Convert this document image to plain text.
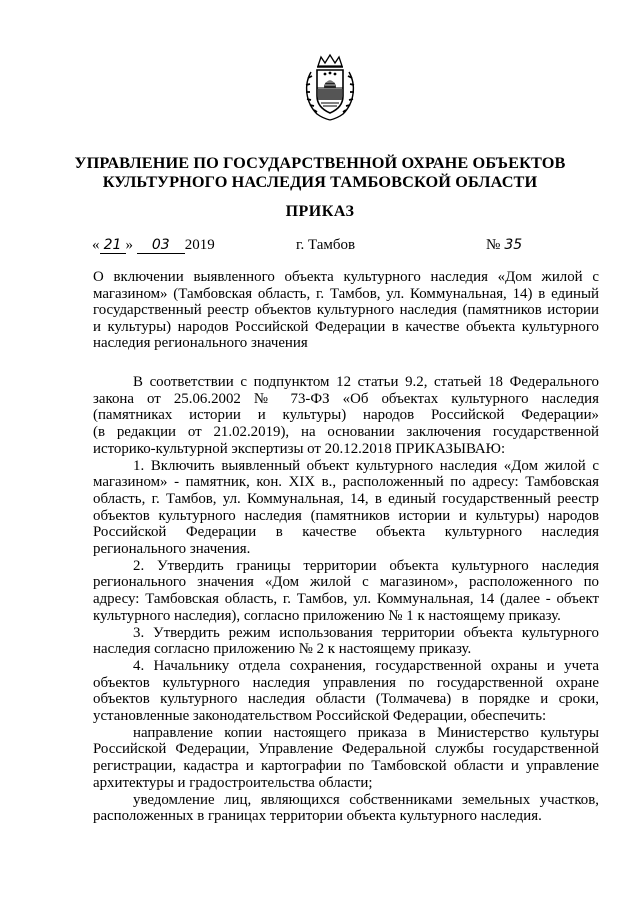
УПРАВЛЕНИЕ ПО ГОСУДАРСТВЕННОЙ ОХРАНЕ ОБЪЕКТОВ
КУЛЬТУРНОГО НАСЛЕДИЯ ТАМБОВСКОЙ ОБЛАСТИ
ПРИКАЗ
« 21 » 03 2019	г. Тамбов	№ 35
О включении выявленного объекта культурного наследия «Дом жилой с
магазином» (Тамбовская область, г. Тамбов, ул. Коммунальная, 14) в единый
государственный реестр объектов культурного наследия (памятников истории
и культуры) народов Российской Федерации в качестве объекта культурного
наследия регионального значения
В соответствии с подпунктом 12 статьи 9.2, статьей 18 Федерального
закона от 25.06.2002 № 73-ФЗ «Об объектах культурного наследия
(памятниках истории и культуры) народов Российской Федерации»
(в редакции от 21.02.2019), на основании заключения государственной
историко-культурной экспертизы от 20.12.2018 ПРИКАЗЫВАЮ:
1. Включить выявленный объект культурного наследия «Дом жилой с
магазином» - памятник, кон. XIX в., расположенный по адресу: Тамбовская
область, г. Тамбов, ул. Коммунальная, 14, в единый государственный реестр
объектов культурного наследия (памятников истории и культуры) народов
Российской Федерации в качестве объекта культурного наследия
регионального значения.
2. Утвердить границы территории объекта культурного наследия
регионального значения «Дом жилой с магазином», расположенного по
адресу: Тамбовская область, г. Тамбов, ул. Коммунальная, 14 (далее - объект
культурного наследия), согласно приложению № 1 к настоящему приказу.
3. Утвердить режим использования территории объекта культурного
наследия согласно приложению № 2 к настоящему приказу.
4. Начальнику отдела сохранения, государственной охраны и учета
объектов культурного наследия управления по государственной охране
объектов культурного наследия области (Толмачева) в порядке и сроки,
установленные законодательством Российской Федерации, обеспечить:
направление копии настоящего приказа в Министерство культуры
Российской Федерации, Управление Федеральной службы государственной
регистрации, кадастра и картографии по Тамбовской области и управление
архитектуры и градостроительства области;
уведомление лиц, являющихся собственниками земельных участков,
расположенных в границах территории объекта культурного наследия.
